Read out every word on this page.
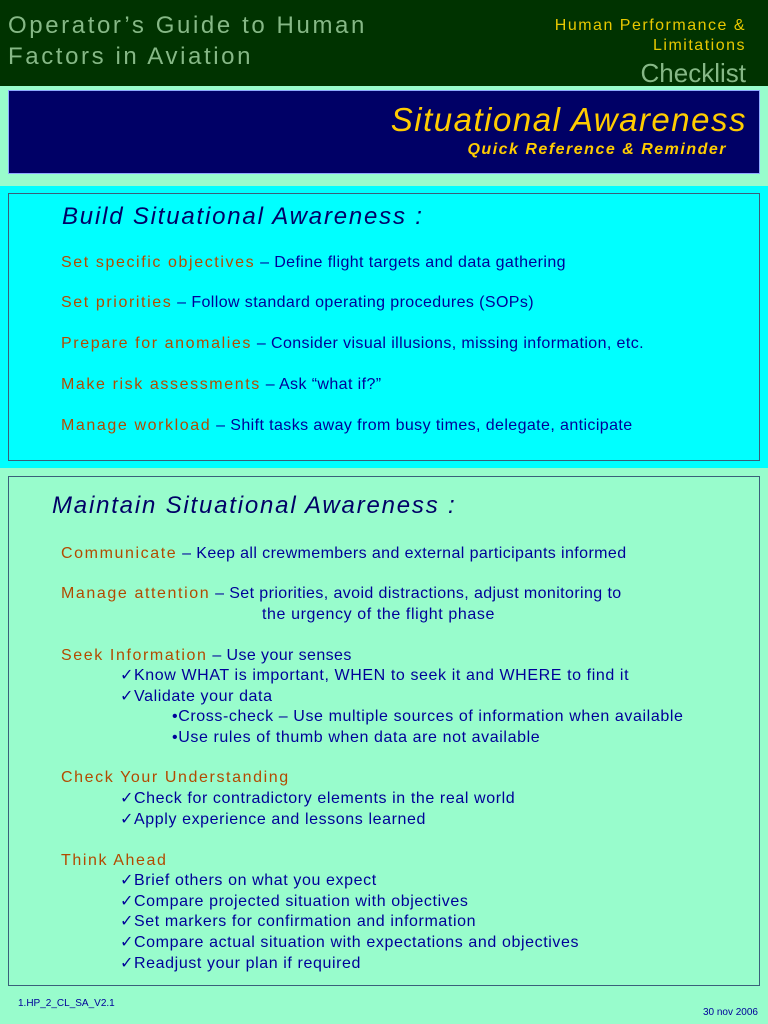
Operator’s Guide to Human
Factors in Aviation
Human Performance &
Limitations
Checklist
Situational Awareness
Quick Reference & Reminder
Build Situational Awareness :
Set specific objectives – Define flight targets and data gathering
Set priorities – Follow standard operating procedures (SOPs)
Prepare for anomalies – Consider visual illusions, missing information, etc.
Make risk assessments – Ask “what if?”
Manage workload – Shift tasks away from busy times, delegate, anticipate
Maintain Situational Awareness :
Communicate – Keep all crewmembers and external participants informed
Manage attention – Set priorities, avoid distractions, adjust monitoring to
the urgency of the flight phase
Seek Information – Use your senses
✓Know WHAT is important, WHEN to seek it and WHERE to find it
✓Validate your data
•Cross-check – Use multiple sources of information when available
•Use rules of thumb when data are not available
Check Your Understanding
✓Check for contradictory elements in the real world
✓Apply experience and lessons learned
Think Ahead
✓Brief others on what you expect
✓Compare projected situation with objectives
✓Set markers for confirmation and information
✓Compare actual situation with expectations and objectives
✓Readjust your plan if required
1.HP_2_CL_SA_V2.1
30 nov 2006
